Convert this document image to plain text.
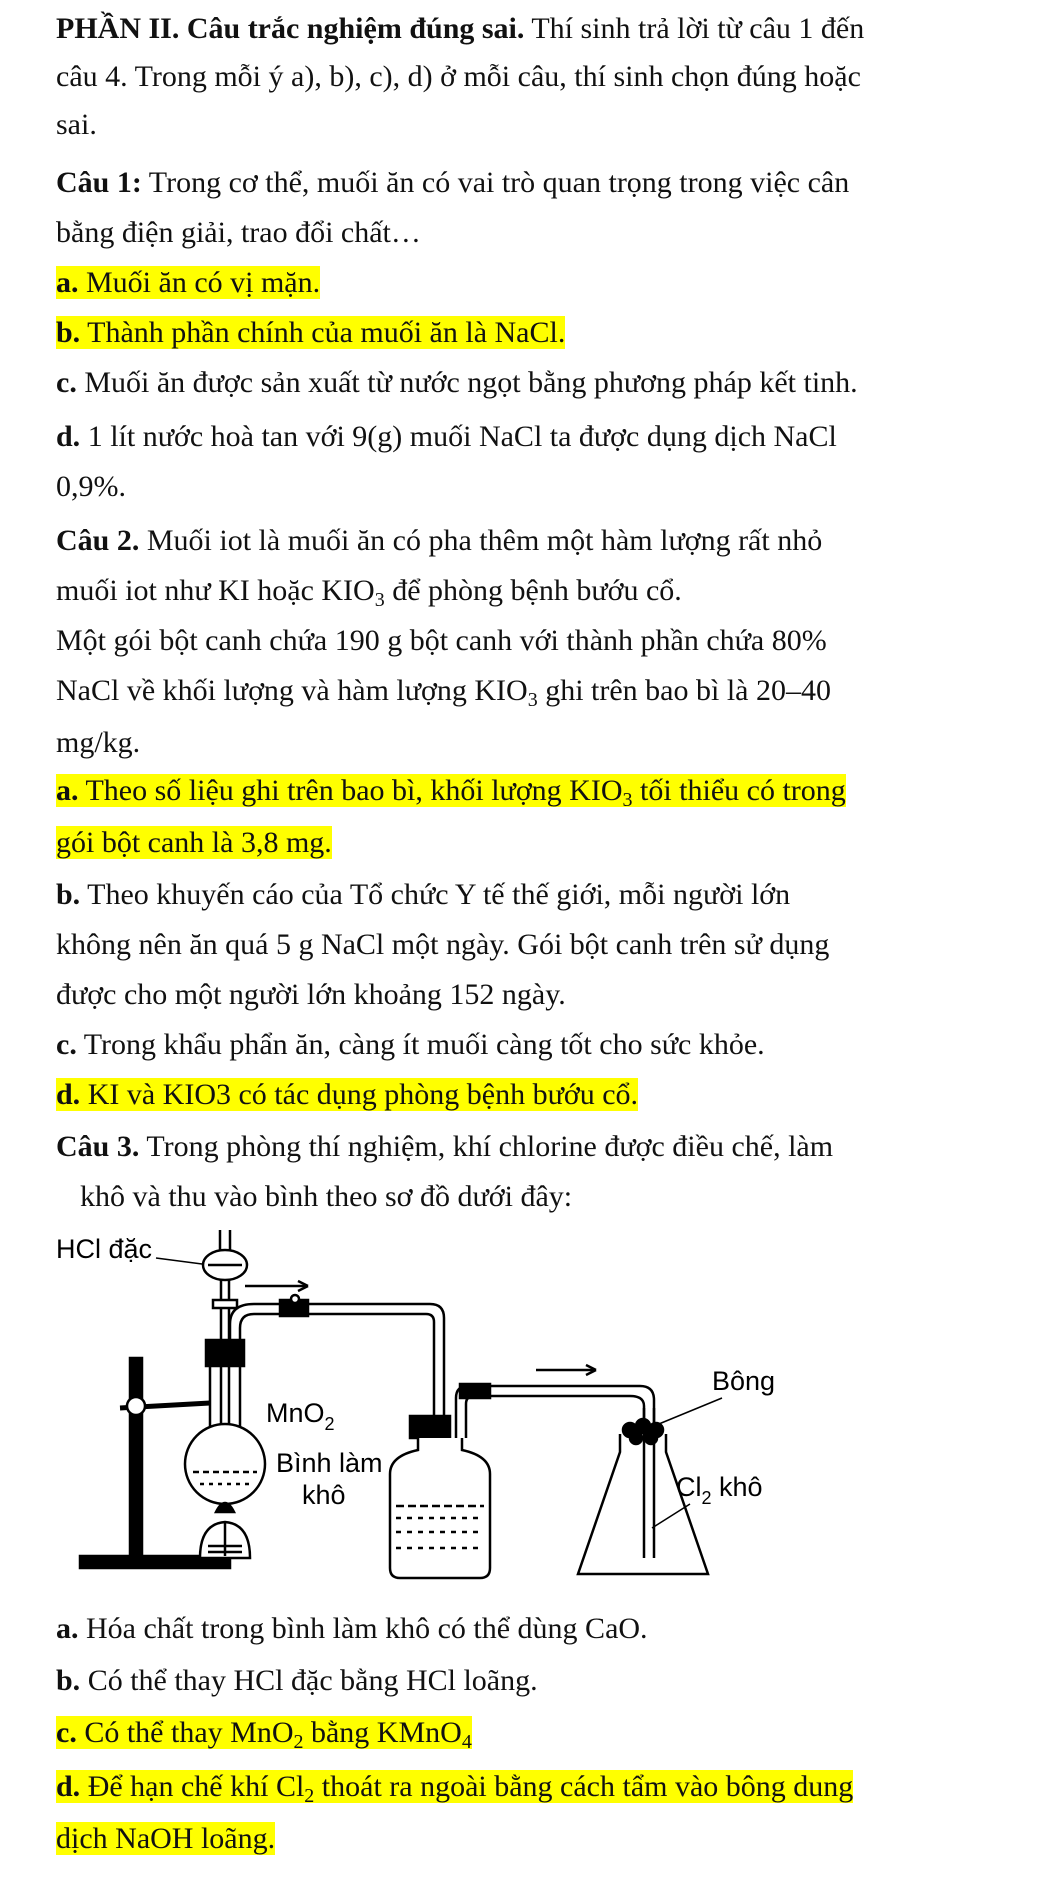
PHẦN II. Câu trắc nghiệm đúng sai. Thí sinh trả lời từ câu 1 đến
câu 4. Trong mỗi ý a), b), c), d) ở mỗi câu, thí sinh chọn đúng hoặc
sai.
Câu 1: Trong cơ thể, muối ăn có vai trò quan trọng trong việc cân
bằng điện giải, trao đổi chất…
a. Muối ăn có vị mặn.
b. Thành phần chính của muối ăn là NaCl.
c. Muối ăn được sản xuất từ nước ngọt bằng phương pháp kết tinh.
d. 1 lít nước hoà tan với 9(g) muối NaCl ta được dụng dịch NaCl
0,9%.
Câu 2. Muối iot là muối ăn có pha thêm một hàm lượng rất nhỏ
muối iot như KI hoặc $KIO_3$ để phòng bệnh bướu cổ.
Một gói bột canh chứa 190 g bột canh với thành phần chứa 80%
NaCl về khối lượng và hàm lượng $KIO_3$ ghi trên bao bì là 20–40
mg/kg.
a. Theo số liệu ghi trên bao bì, khối lượng $KIO_3$ tối thiểu có trong
gói bột canh là 3,8 mg.
b. Theo khuyến cáo của Tổ chức Y tế thế giới, mỗi người lớn
không nên ăn quá 5 g NaCl một ngày. Gói bột canh trên sử dụng
được cho một người lớn khoảng 152 ngày.
c. Trong khẩu phẩn ăn, càng ít muối càng tốt cho sức khỏe.
d. KI và KIO3 có tác dụng phòng bệnh bướu cổ.
Câu 3. Trong phòng thí nghiệm, khí chlorine được điều chế, làm
khô và thu vào bình theo sơ đồ dưới đây:
HCl đặc
MnO$_2$
Bình làm
khô
Bông
$Cl_2$ khô
a. Hóa chất trong bình làm khô có thể dùng CaO.
b. Có thể thay HCl đặc bằng HCl loãng.
c. Có thể thay MnO$_2$ bằng KMnO$_4$
d. Để hạn chế khí $Cl_2$ thoát ra ngoài bằng cách tẩm vào bông dung
dịch NaOH loãng.
